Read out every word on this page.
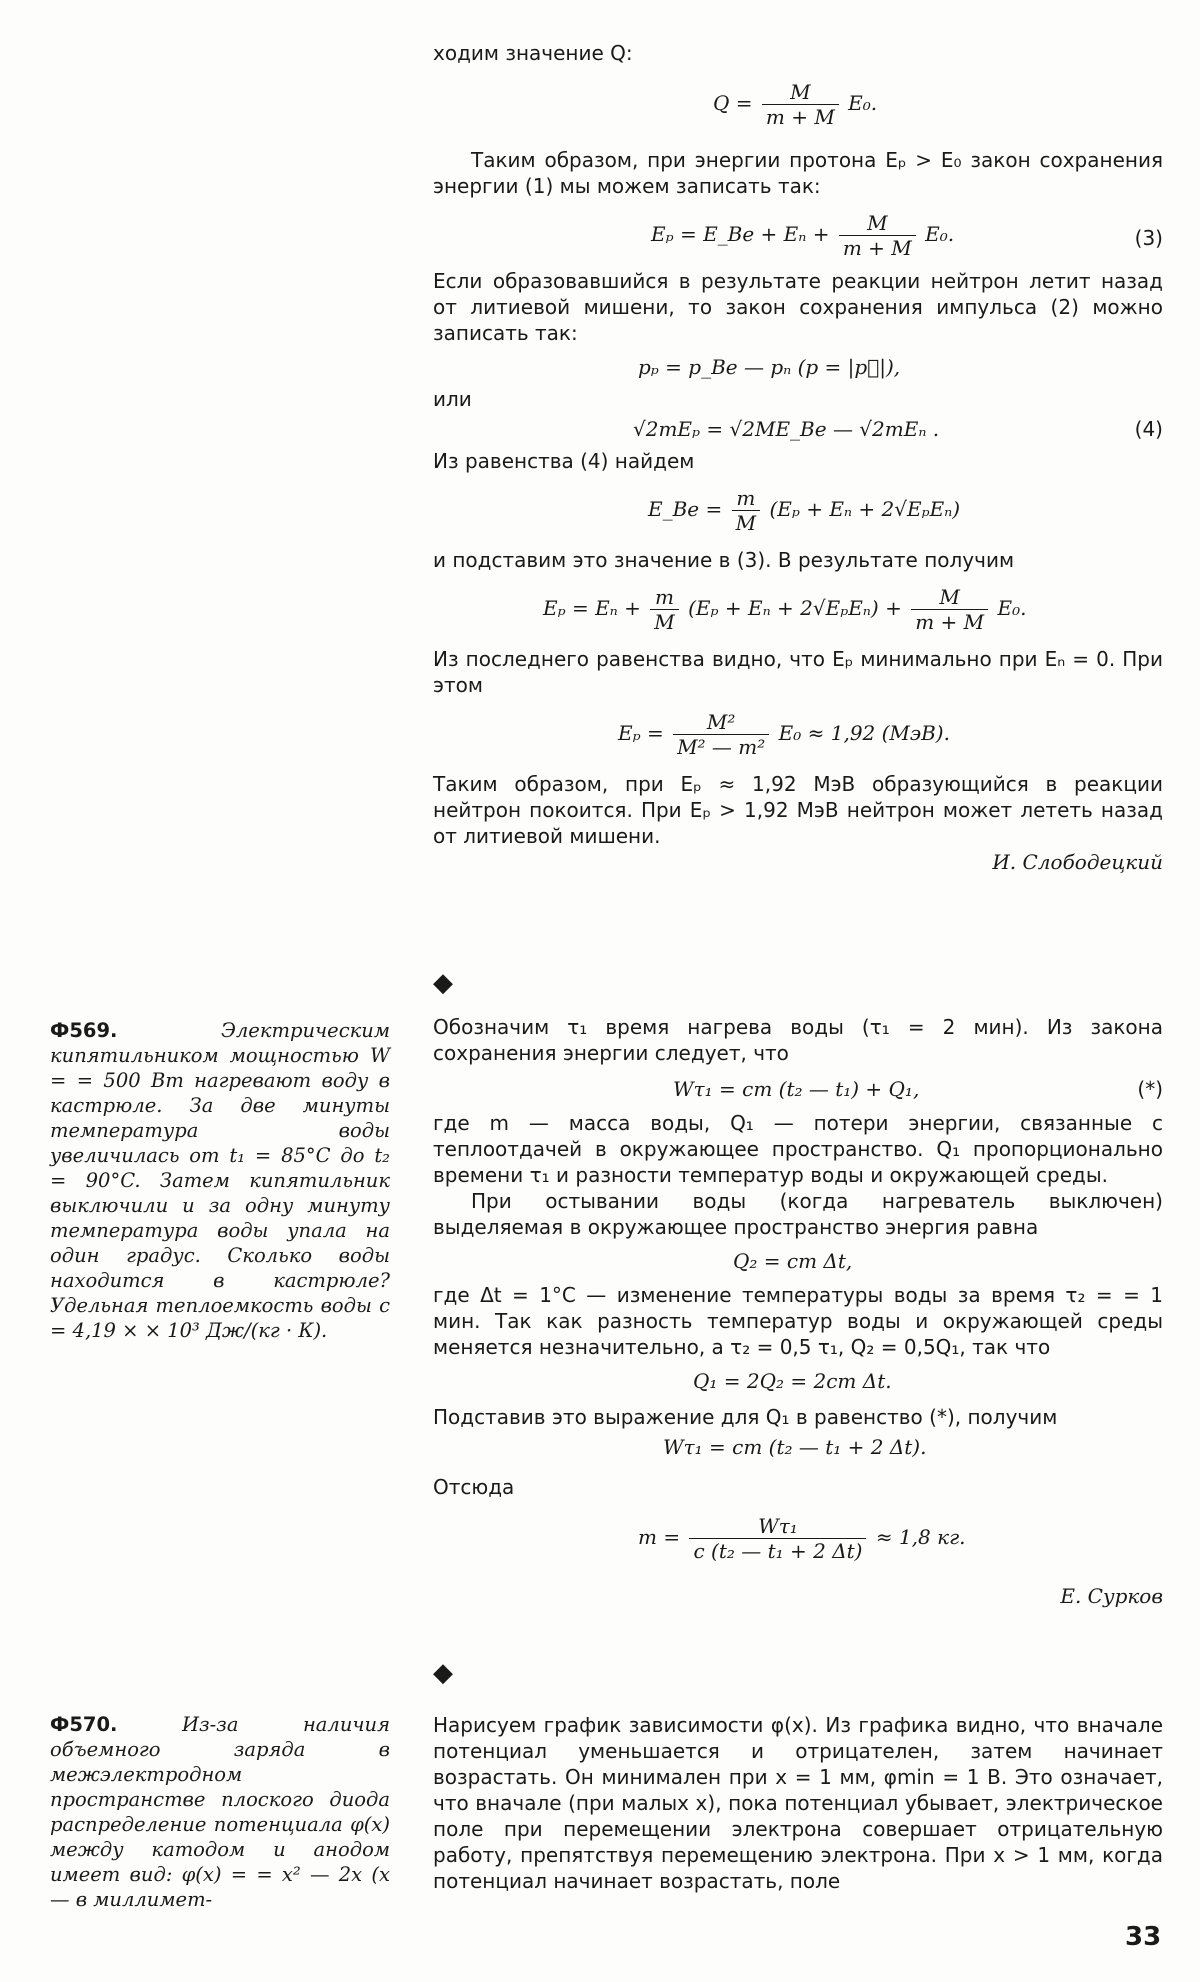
ходим значение Q:

$Q = \frac{M}{m + M} E_0$.

Таким образом, при энергии протона Eₚ > E₀ закон сохранения энергии (1) мы можем записать так:

Eₚ = E_Be + $E_n + \frac{M}{m + M} E_0$.	(3)

Если образовавшийся в результате реакции нейтрон летит назад от литиевой мишени, то закон сохранения импульса (2) можно записать так:

pₚ = p_Be — pₙ (p = |p⃗|),

или

√2mEₚ = √2ME_Be — √2mEₙ .	(4)

Из равенства (4) найдем

E_Be = $\frac{m}{M} (E_p + E_n + 2√E_pE_n)$

и подставим это значение в (3). В результате получим

$E_p = E_n + \frac{m}{M} (E_p + E_n + 2√E_pE_n) + \frac{M}{m + M} E_0$.

Из последнего равенства видно, что Eₚ минимально при Eₙ = 0. При этом

$E_p = \frac{\text{M²}}{\text{M² — m²}} E_0 \approx 1,92$ (МэВ).

Таким образом, при Eₚ ≈ 1,92 МэВ образующийся в реакции нейтрон покоится. При Eₚ > 1,92 МэВ нейтрон может лететь назад от литиевой мишени.

И. Слободецкий

◆
Ф569.	Электрическим кипятильником мощностью W = = 500 Вт нагревают воду в кастрюле. За две минуты температура воды увеличилась от t₁ = 85°C до t₂ = 90°C. Затем кипятильник выключили и за одну минуту температура воды упала на один градус. Сколько воды находится в кастрюле? Удельная теплоемкость воды c = 4,19 × × 10³ Дж/(кг · К).

Обозначим τ₁ время нагрева воды (τ₁ = 2 мин). Из закона сохранения энергии следует, что

Wτ₁ = cm (t₂ — t₁) + Q₁,	(*)

где m — масса воды, Q₁ — потери энергии, связанные с теплоотдачей в окружающее пространство. Q₁ пропорционально времени τ₁ и разности температур воды и окружающей среды.

При остывании воды (когда нагреватель выключен) выделяемая в окружающее пространство энергия равна

Q₂ = cm Δt,

где Δt = 1°C — изменение температуры воды за время τ₂ = = 1 мин. Так как разность температур воды и окружающей среды меняется незначительно, а τ₂ = 0,5 τ₁, Q₂ = 0,5Q₁, так что

Q₁ = 2Q₂ = 2cm Δt.

Подставив это выражение для Q₁ в равенство (*), получим

Wτ₁ = cm (t₂ — t₁ + 2 Δt).

Отсюда

$m = \frac{\text{Wτ₁}}{\text{c (t₂ — t₁ + 2 Δt)}} \approx 1,8$ кг.

Е. Сурков

◆
Ф570.	Из-за наличия объемного заряда в межэлектродном пространстве плоского диода распределение потенциала φ(x) между катодом и анодом имеет вид: φ(x) = = x² — 2x (x — в миллимет-

Нарисуем график зависимости φ(x). Из графика видно, что вначале потенциал уменьшается и отрицателен, затем начинает возрастать. Он минимален при x = 1 мм, φmin = 1 В. Это означает, что вначале (при малых x), пока потенциал убывает, электрическое поле при перемещении электрона совершает отрицательную работу, препятствуя перемещению электрона. При x > 1 мм, когда потенциал начинает возрастать, поле

33
